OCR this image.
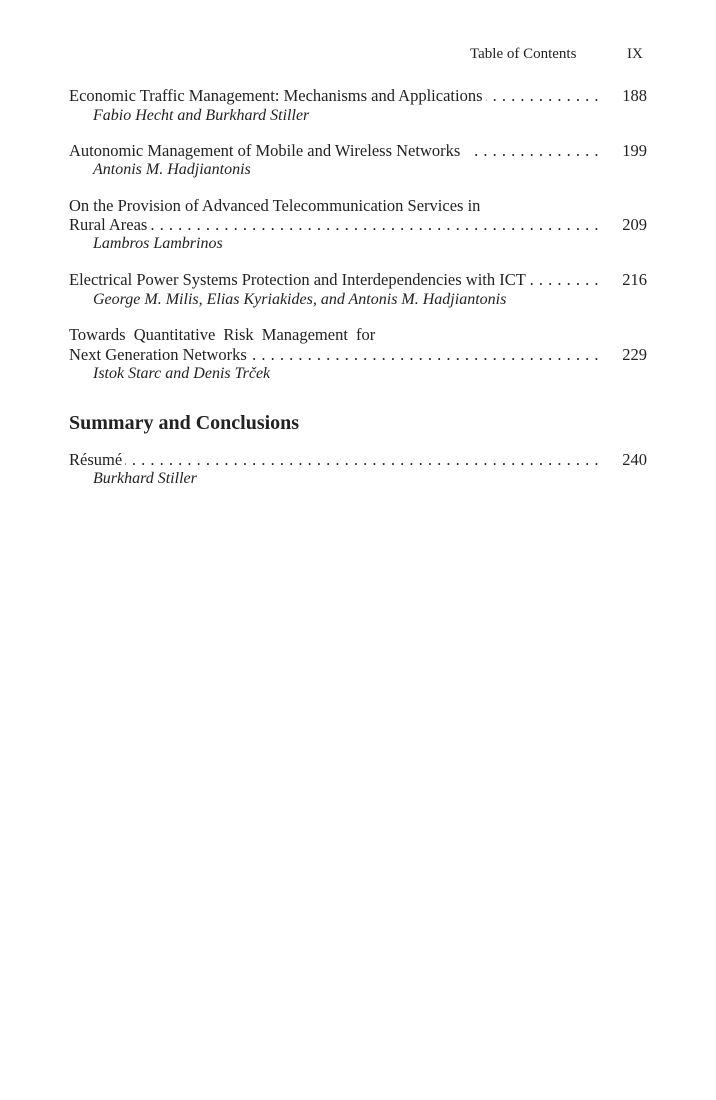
Table of Contents	IX
Economic Traffic Management: Mechanisms and Applications . . .	188
Fabio Hecht and Burkhard Stiller
Autonomic Management of Mobile and Wireless Networks . . .	199
Antonis M. Hadjiantonis
On the Provision of Advanced Telecommunication Services in
Rural Areas . . .	209
Lambros Lambrinos
Electrical Power Systems Protection and Interdependencies with ICT . . .	216
George M. Milis, Elias Kyriakides, and Antonis M. Hadjiantonis
Towards Quantitative Risk Management for
Next Generation Networks . . .	229
Istok Starc and Denis Trček
Summary and Conclusions
Résumé . . .	240
Burkhard Stiller
